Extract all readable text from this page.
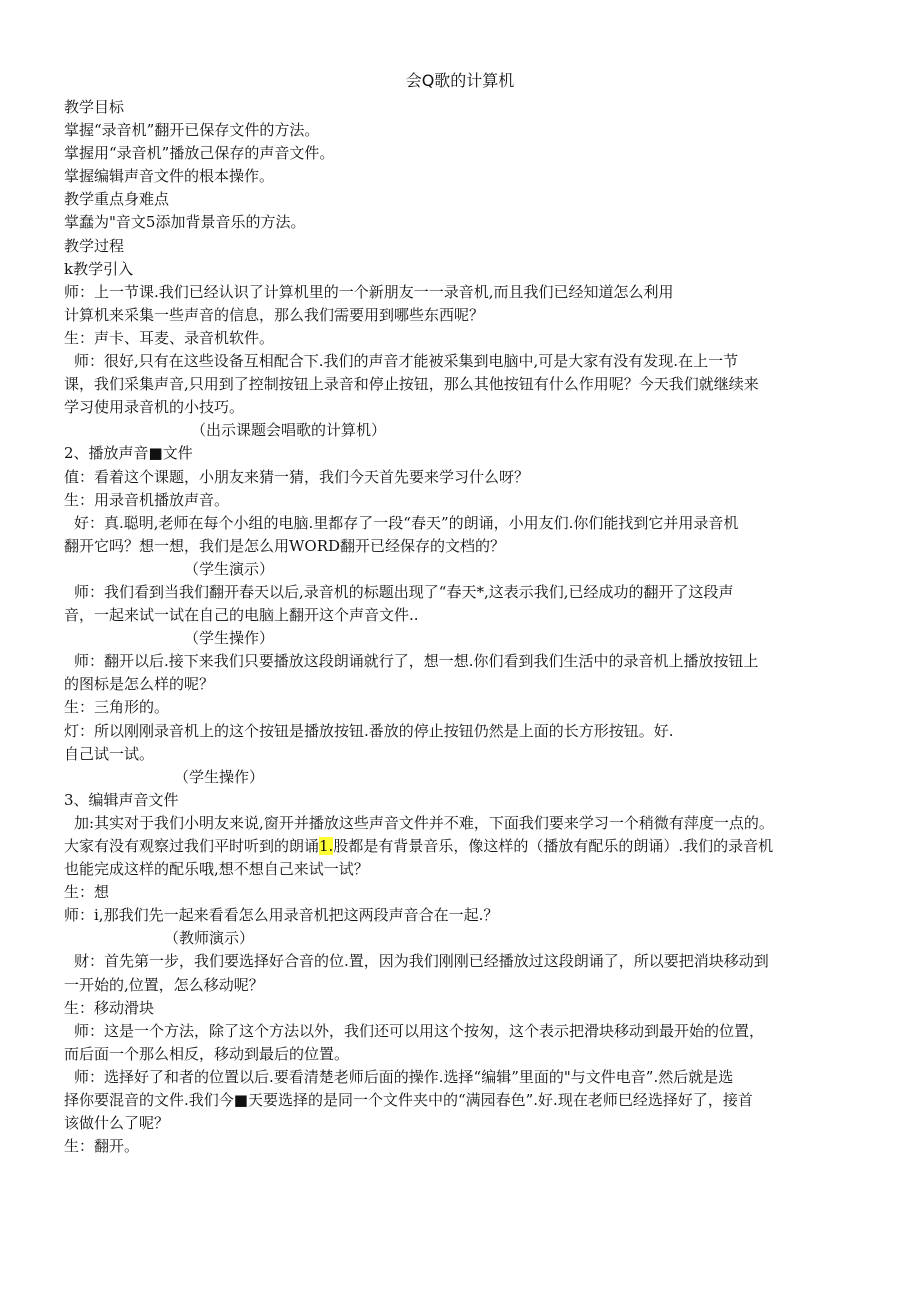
会Q歌的计算机
教学目标
掌握“录音机”翻开已保存文件的方法。
掌握用“录音机”播放己保存的声音文件。
掌握编辑声音文件的根本操作。
教学重点身难点
掌蠢为"音文5添加背景音乐的方法。
教学过程
k教学引入
师：上一节课.我们已经认识了计算机里的一个新朋友一一录音机,而且我们已经知道怎么利用
计算机来采集一些声音的信息，那么我们需要用到哪些东西呢？
生：声卡、耳麦、录音机软件。
师：很好,只有在这些设备互相配合下.我们的声音才能被采集到电脑中,可是大家有没有发现.在上一节
课，我们采集声音,只用到了控制按钮上录音和停止按钮，那么其他按钮有什么作用呢？今天我们就继续来
学习使用录音机的小技巧。
（出示课题会唱歌的计算机）
2、播放声音■文件
值：看着这个课题，小朋友来猜一猜，我们今天首先要来学习什么呀？
生：用录音机播放声音。
好：真.聪明,老师在每个小组的电脑.里都存了一段“春天”的朗诵，小用友们.你们能找到它并用录音机
翻开它吗？想一想，我们是怎么用WORD翻开已经保存的文档的？
（学生演示）
师：我们看到当我们翻开春天以后,录音机的标题出现了“春天*,这表示我们,已经成功的翻开了这段声
音，一起来试一试在自己的电脑上翻开这个声音文件..
（学生操作）
师：翻开以后.接下来我们只要播放这段朗诵就行了，想一想.你们看到我们生活中的录音机上播放按钮上
的图标是怎么样的呢？
生：三角形的。
灯：所以刚刚录音机上的这个按钮是播放按钮.番放的停止按钮仍然是上面的长方形按钮。好.
自己试一试。
（学生操作）
3、编辑声音文件
加:其实对于我们小明友来说,窗开并播放这些声音文件并不难，下面我们要来学习一个稍微有萍度一点的。
大家有没有观察过我们平时听到的朗诵1.股都是有背景音乐，像这样的（播放有配乐的朗诵）.我们的录音机
也能完成这样的配乐哦,想不想自己来试一试？
生：想
师：i,那我们先一起来看看怎么用录音机把这两段声音合在一起.？
（教师演示）
财：首先第一步，我们要选择好合音的位.置，因为我们刚刚已经播放过这段朗诵了，所以要把消块移动到
一开始的,位置，怎么移动呢？
生：移动滑块
师：这是一个方法，除了这个方法以外，我们还可以用这个按匆，这个表示把滑块移动到最开始的位置，
而后面一个那么相反，移动到最后的位置。
师：选择好了和者的位置以后.要看清楚老师后面的操作.选择“编辑”里面的"与文件电音”.然后就是选
择你要混音的文件.我们今■天要选择的是同一个文件夹中的“满园春色”.好.现在老师巳经选择好了，接首
该做什么了呢？
生：翻开。
